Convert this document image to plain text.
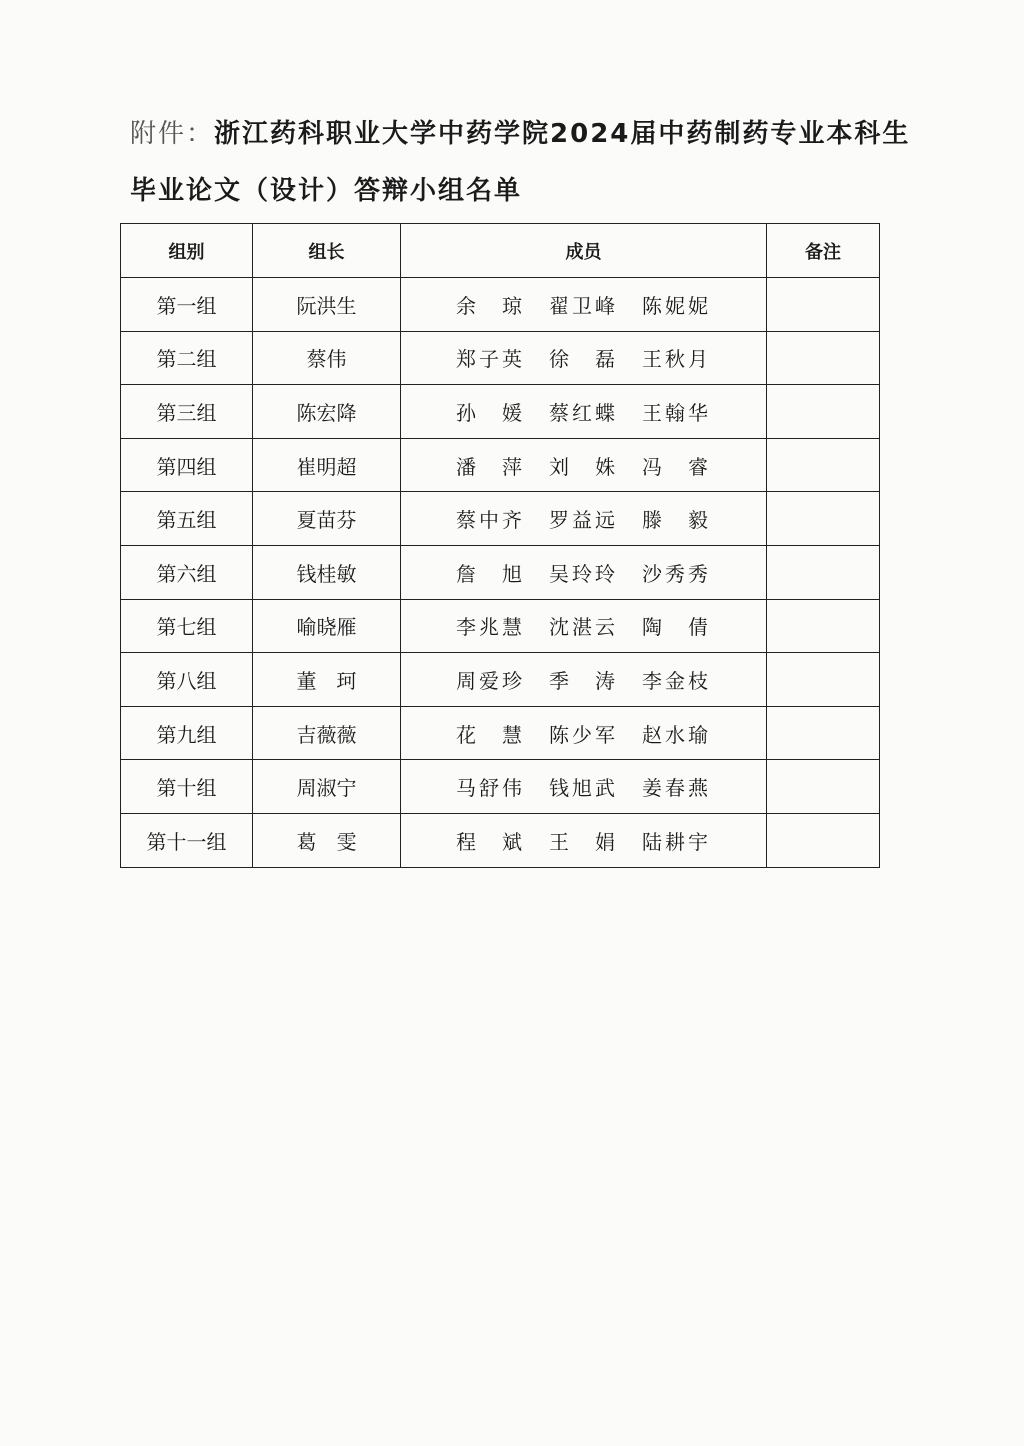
附件：浙江药科职业大学中药学院2024届中药制药专业本科生
毕业论文（设计）答辩小组名单
组别	组长	成员	备注
第一组	阮洪生	余　琼 翟卫峰 陈妮妮	
第二组	蔡伟	郑子英 徐　磊 王秋月	
第三组	陈宏降	孙　媛 蔡红蝶 王翰华	
第四组	崔明超	潘　萍 刘　姝 冯　睿	
第五组	夏苗芬	蔡中齐 罗益远 滕　毅	
第六组	钱桂敏	詹　旭 吴玲玲 沙秀秀	
第七组	喻晓雁	李兆慧 沈湛云 陶　倩	
第八组	董　珂	周爱珍 季　涛 李金枝	
第九组	吉薇薇	花　慧 陈少军 赵水瑜	
第十组	周淑宁	马舒伟 钱旭武 姜春燕	
第十一组	葛　雯	程　斌 王　娟 陆耕宇	
